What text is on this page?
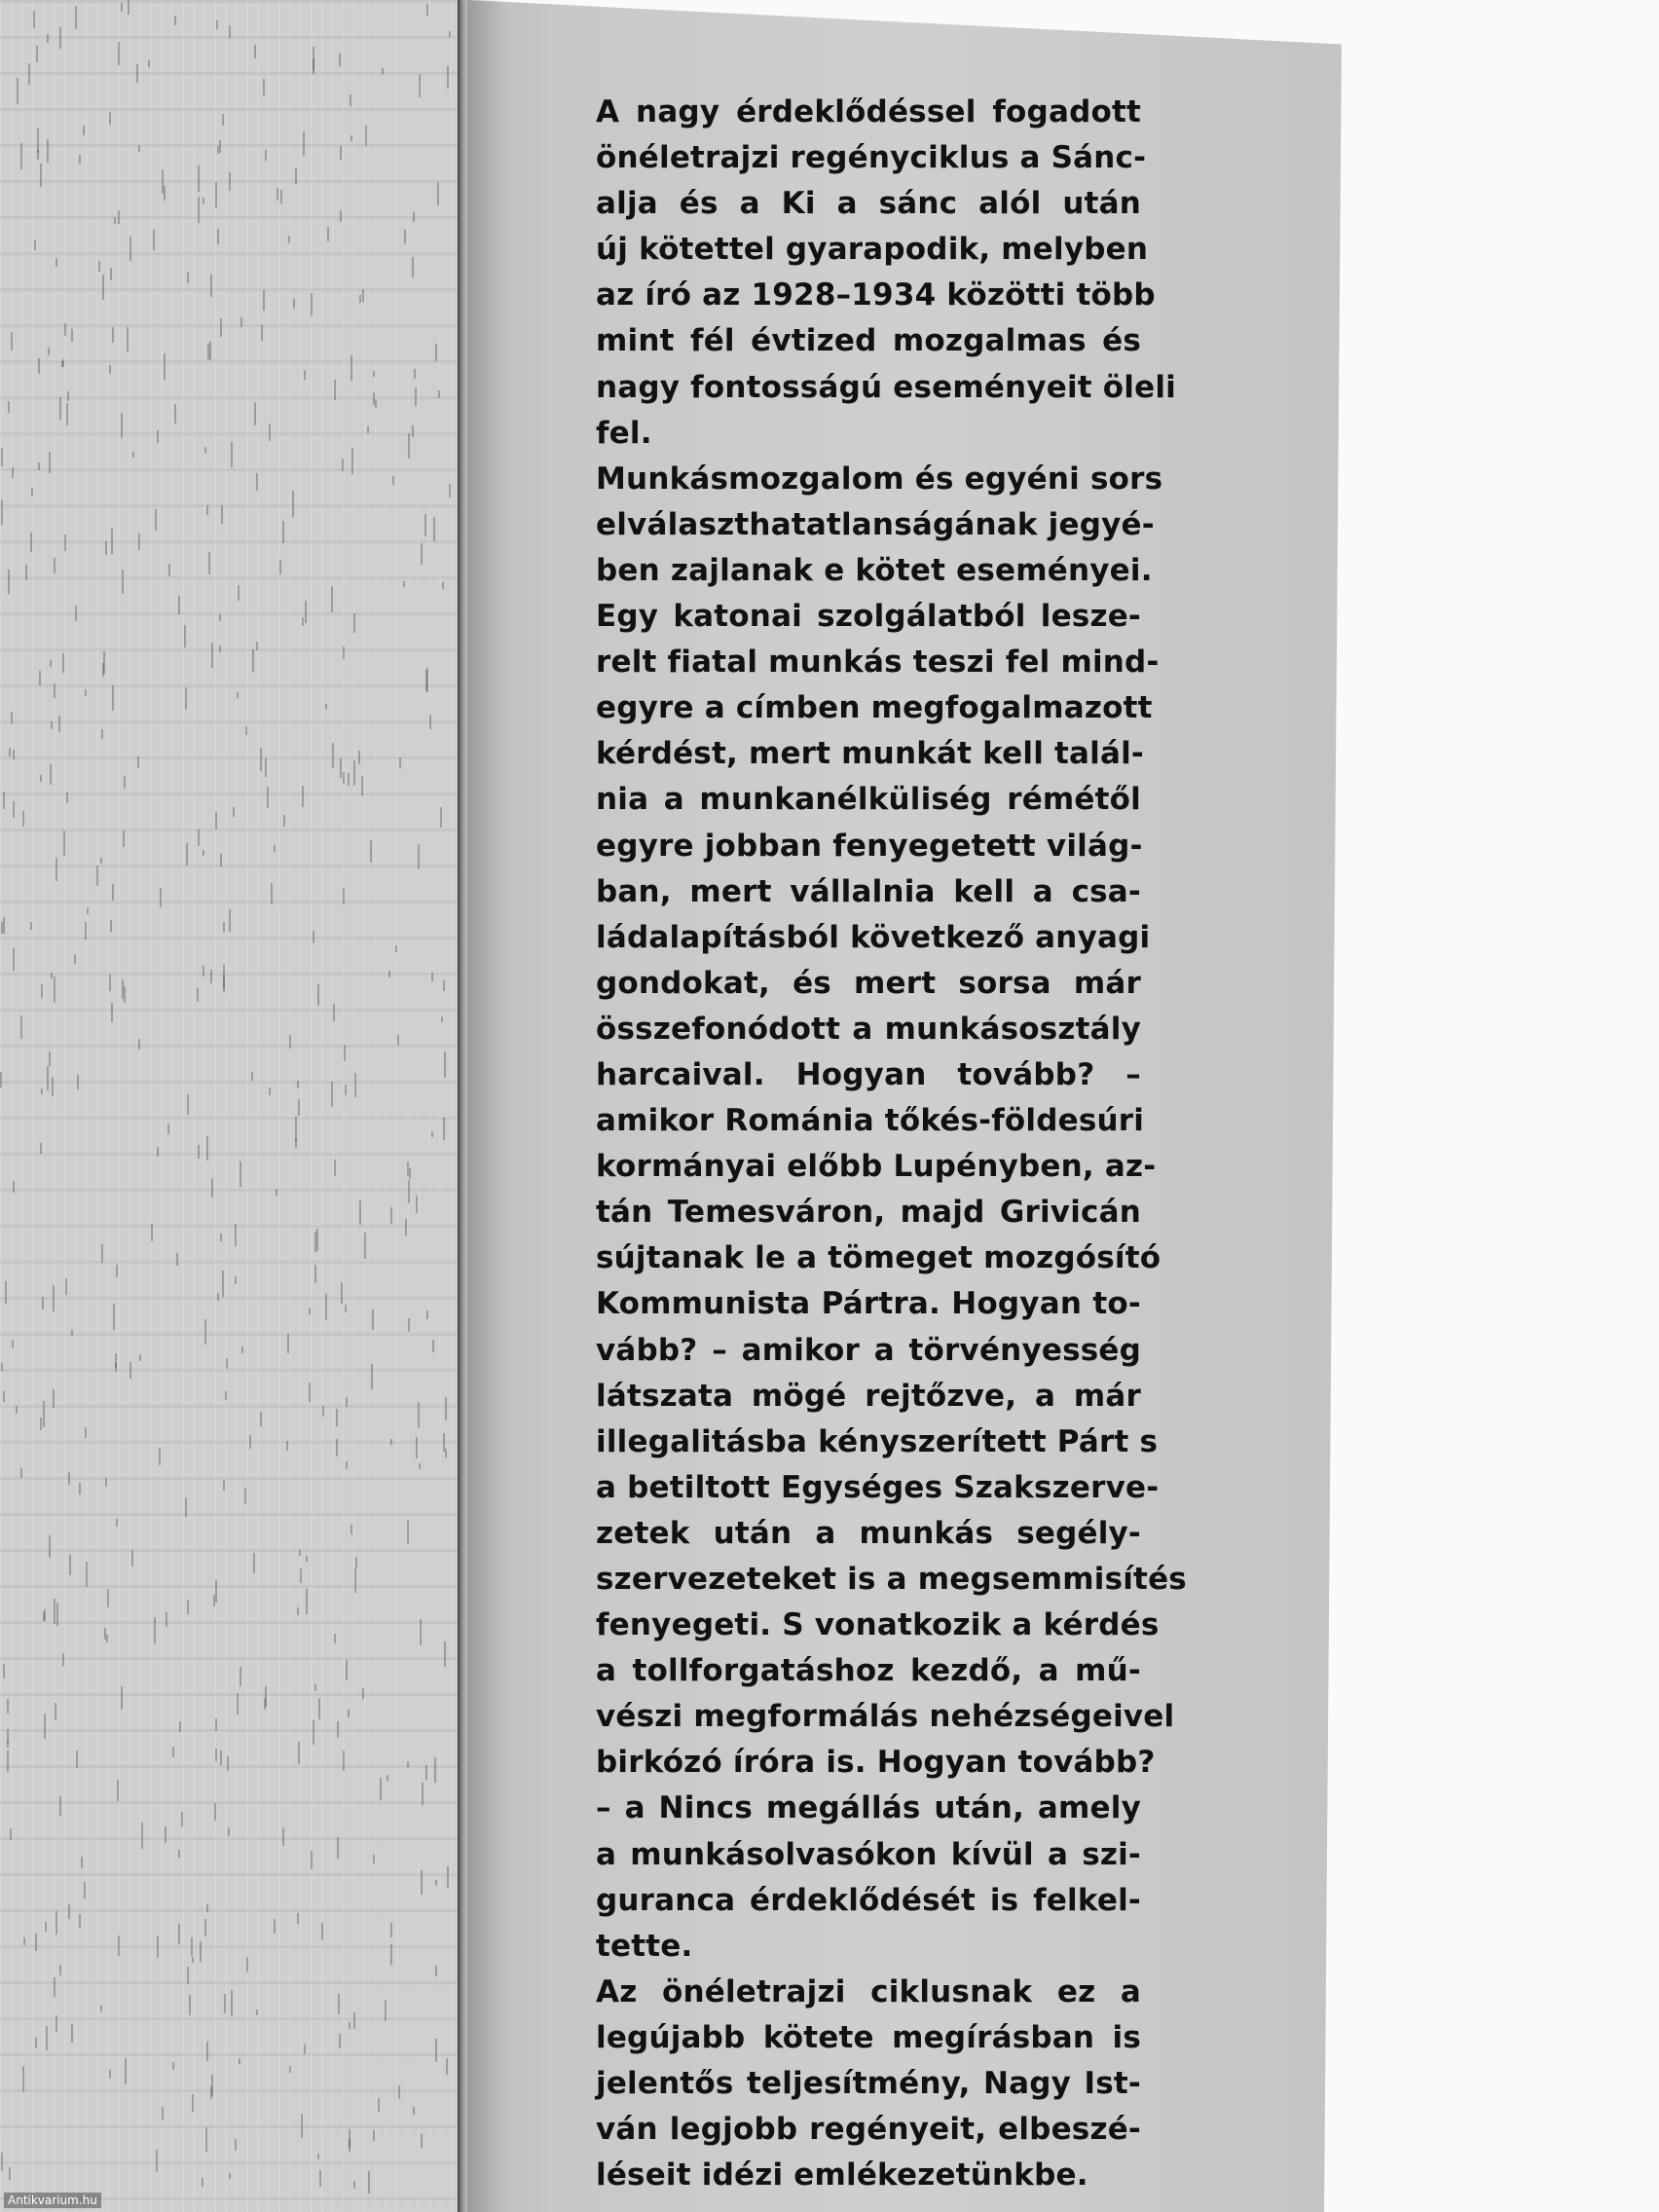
A nagy érdeklődéssel fogadott
önéletrajzi regényciklus a Sánc-
alja és a Ki a sánc alól után
új kötettel gyarapodik, melyben
az író az 1928–1934 közötti több
mint fél évtized mozgalmas és
nagy fontosságú eseményeit öleli
fel.
Munkásmozgalom és egyéni sors
elválaszthatatlanságának jegyé-
ben zajlanak e kötet eseményei.
Egy katonai szolgálatból lesze-
relt fiatal munkás teszi fel mind-
egyre a címben megfogalmazott
kérdést, mert munkát kell talál-
nia a munkanélküliség rémétől
egyre jobban fenyegetett világ-
ban, mert vállalnia kell a csa-
ládalapításból következő anyagi
gondokat, és mert sorsa már
összefonódott a munkásosztály
harcaival. Hogyan tovább? –
amikor Románia tőkés-földesúri
kormányai előbb Lupényben, az-
tán Temesváron, majd Grivicán
sújtanak le a tömeget mozgósító
Kommunista Pártra. Hogyan to-
vább? – amikor a törvényesség
látszata mögé rejtőzve, a már
illegalitásba kényszerített Párt s
a betiltott Egységes Szakszerve-
zetek után a munkás segély-
szervezeteket is a megsemmisítés
fenyegeti. S vonatkozik a kérdés
a tollforgatáshoz kezdő, a mű-
vészi megformálás nehézségeivel
birkózó íróra is. Hogyan tovább?
– a Nincs megállás után, amely
a munkásolvasókon kívül a szi-
guranca érdeklődését is felkel-
tette.
Az önéletrajzi ciklusnak ez a
legújabb kötete megírásban is
jelentős teljesítmény, Nagy Ist-
ván legjobb regényeit, elbeszé-
léseit idézi emlékezetünkbe.
Antikvarium.hu
